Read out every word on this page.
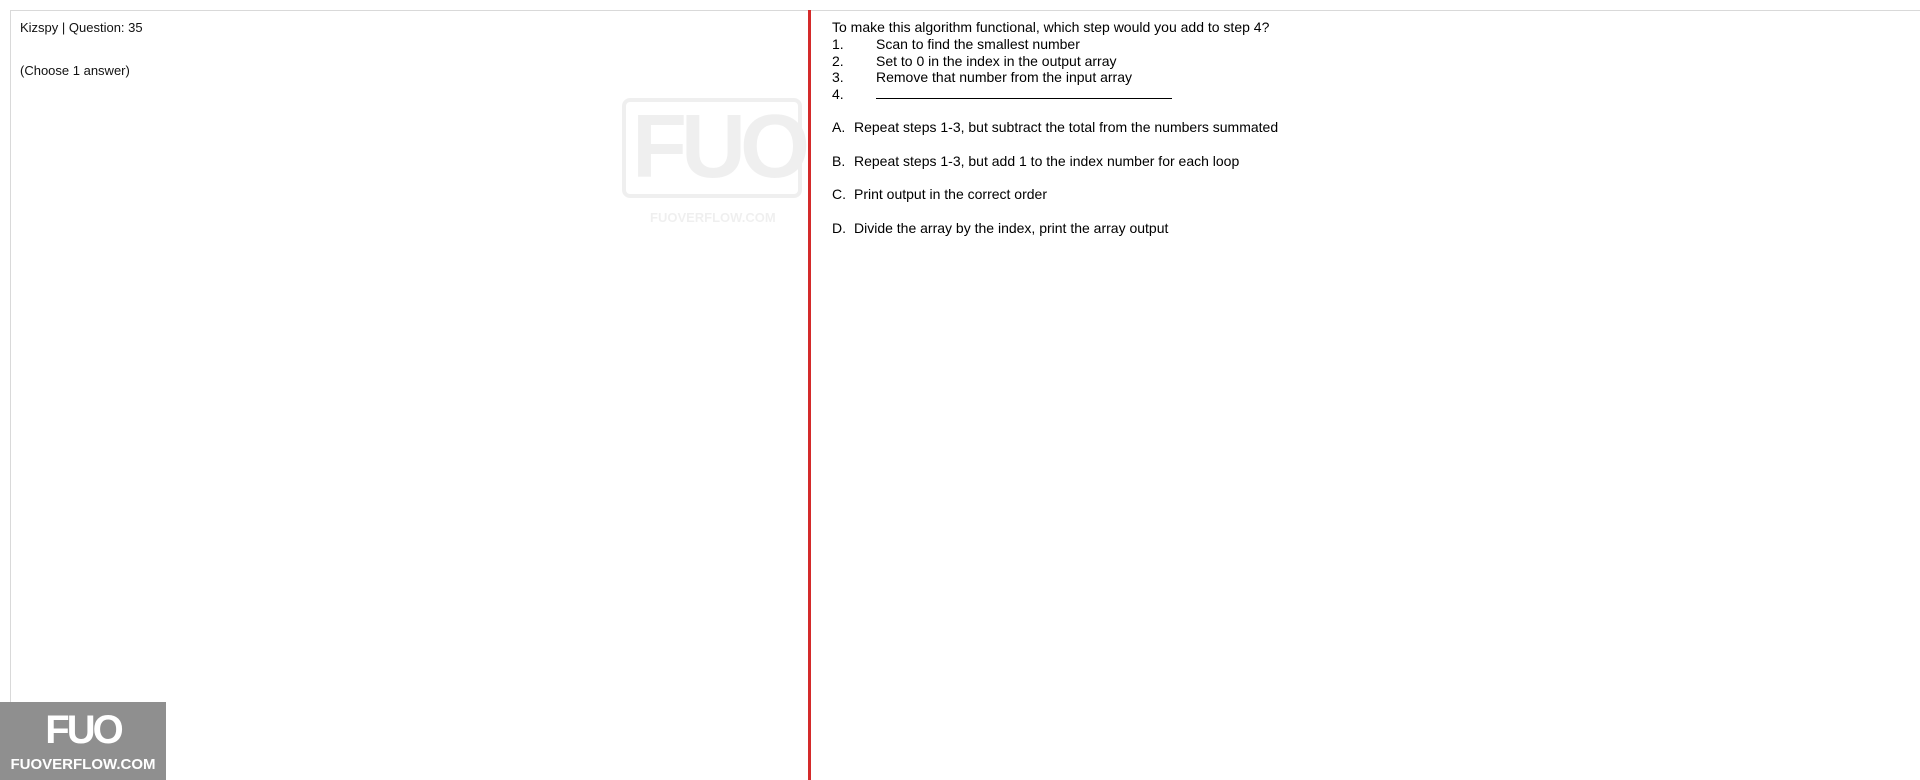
Kizspy | Question: 35
(Choose 1 answer)
FUO
FUOVERFLOW.COM
To make this algorithm functional, which step would you add to step 4?
1. Scan to find the smallest number
2. Set to 0 in the index in the output array
3. Remove that number from the input array
4.
A. Repeat steps 1-3, but subtract the total from the numbers summated
B. Repeat steps 1-3, but add 1 to the index number for each loop
C. Print output in the correct order
D. Divide the array by the index, print the array output
FUO
FUOVERFLOW.COM
